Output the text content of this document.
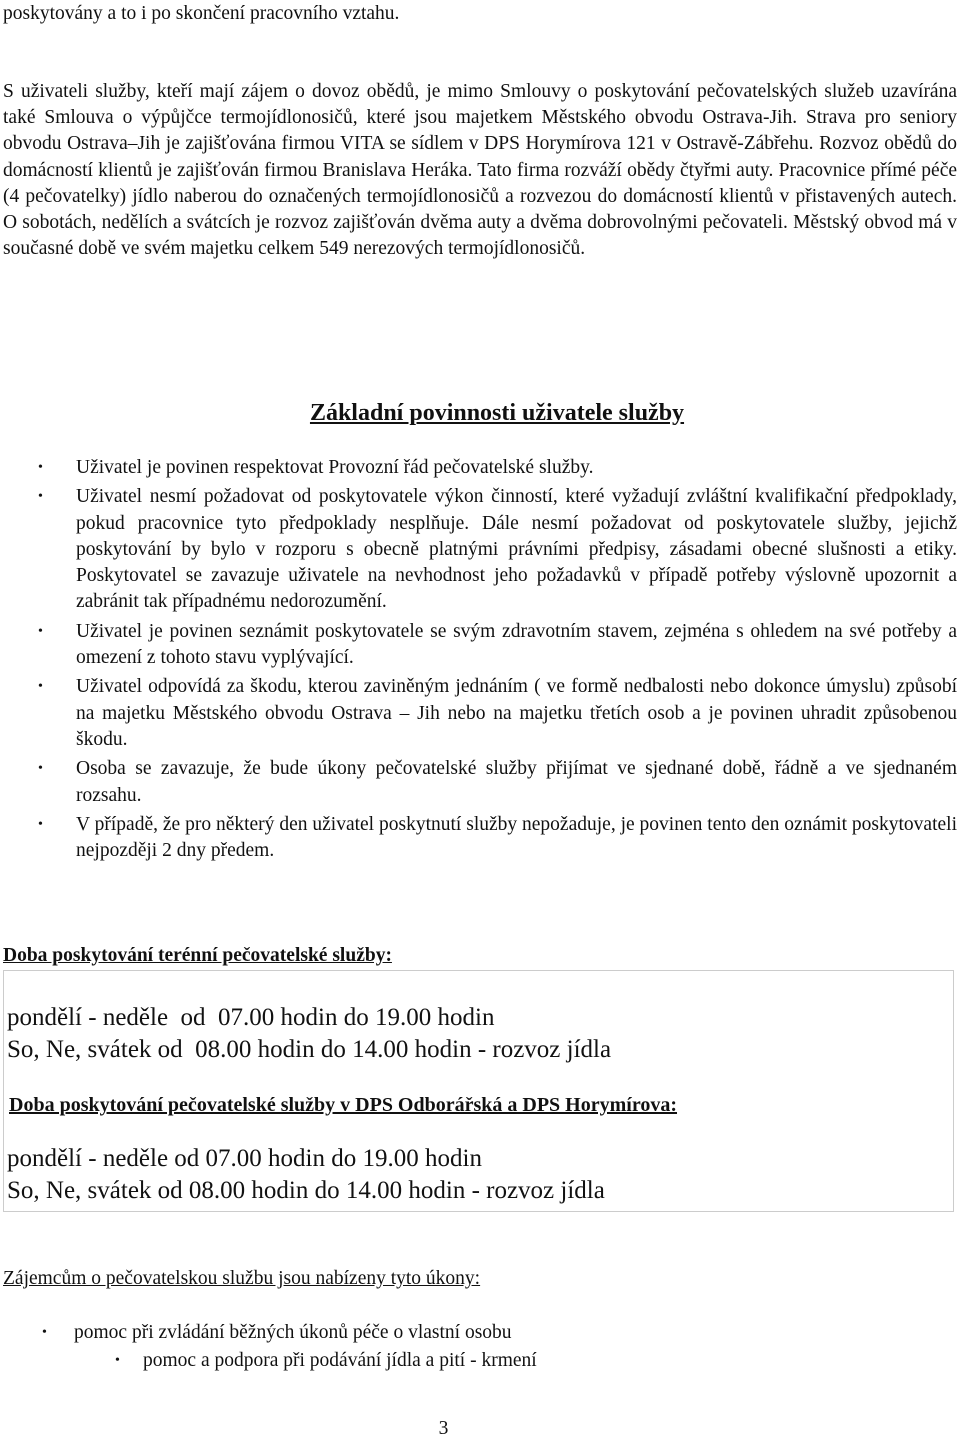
poskytovány a to i po skončení pracovního vztahu.

S uživateli služby, kteří mají zájem o dovoz obědů, je mimo Smlouvy o poskytování pečovatelských služeb uzavírána také Smlouva o výpůjčce termojídlonosičů, které jsou majetkem Městského obvodu Ostrava-Jih. Strava pro seniory obvodu Ostrava–Jih je zajišťována firmou VITA se sídlem v DPS Horymírova 121 v Ostravě-Zábřehu. Rozvoz obědů do domácností klientů je zajišťován firmou Branislava Heráka. Tato firma rozváží obědy čtyřmi auty. Pracovnice přímé péče (4 pečovatelky) jídlo naberou do označených termojídlonosičů a rozvezou do domácností klientů v přistavených autech. O sobotách, nedělích a svátcích je rozvoz zajišťován dvěma auty a dvěma dobrovolnými pečovateli. Městský obvod má v současné době ve svém majetku celkem 549 nerezových termojídlonosičů.

Základní povinnosti uživatele služby
• Uživatel je povinen respektovat Provozní řád pečovatelské služby.
• Uživatel nesmí požadovat od poskytovatele výkon činností, které vyžadují zvláštní kvalifikační předpoklady, pokud pracovnice tyto předpoklady nesplňuje. Dále nesmí požadovat od poskytovatele služby, jejichž poskytování by bylo v rozporu s obecně platnými právními předpisy, zásadami obecné slušnosti a etiky. Poskytovatel se zavazuje uživatele na nevhodnost jeho požadavků v případě potřeby výslovně upozornit a zabránit tak případnému nedorozumění.
• Uživatel je povinen seznámit poskytovatele se svým zdravotním stavem, zejména s ohledem na své potřeby a omezení z tohoto stavu vyplývající.
• Uživatel odpovídá za škodu, kterou zaviněným jednáním ( ve formě nedbalosti nebo dokonce úmyslu) způsobí na majetku Městského obvodu Ostrava – Jih nebo na majetku třetích osob a je povinen uhradit způsobenou škodu.
• Osoba se zavazuje, že bude úkony pečovatelské služby přijímat ve sjednané době, řádně a ve sjednaném rozsahu.
• V případě, že pro některý den uživatel poskytnutí služby nepožaduje, je povinen tento den oznámit poskytovateli nejpozději 2 dny předem.
Doba poskytování terénní pečovatelské služby:
pondělí - neděle  od  07.00 hodin do 19.00 hodin
So, Ne, svátek od  08.00 hodin do 14.00 hodin - rozvoz jídla
Doba poskytování pečovatelské služby v DPS Odborářská a DPS Horymírova:
pondělí - neděle od 07.00 hodin do 19.00 hodin
So, Ne, svátek od 08.00 hodin do 14.00 hodin - rozvoz jídla
Zájemcům o pečovatelskou službu jsou nabízeny tyto úkony:
• pomoc při zvládání běžných úkonů péče o vlastní osobu
• pomoc a podpora při podávání jídla a pití - krmení
3
